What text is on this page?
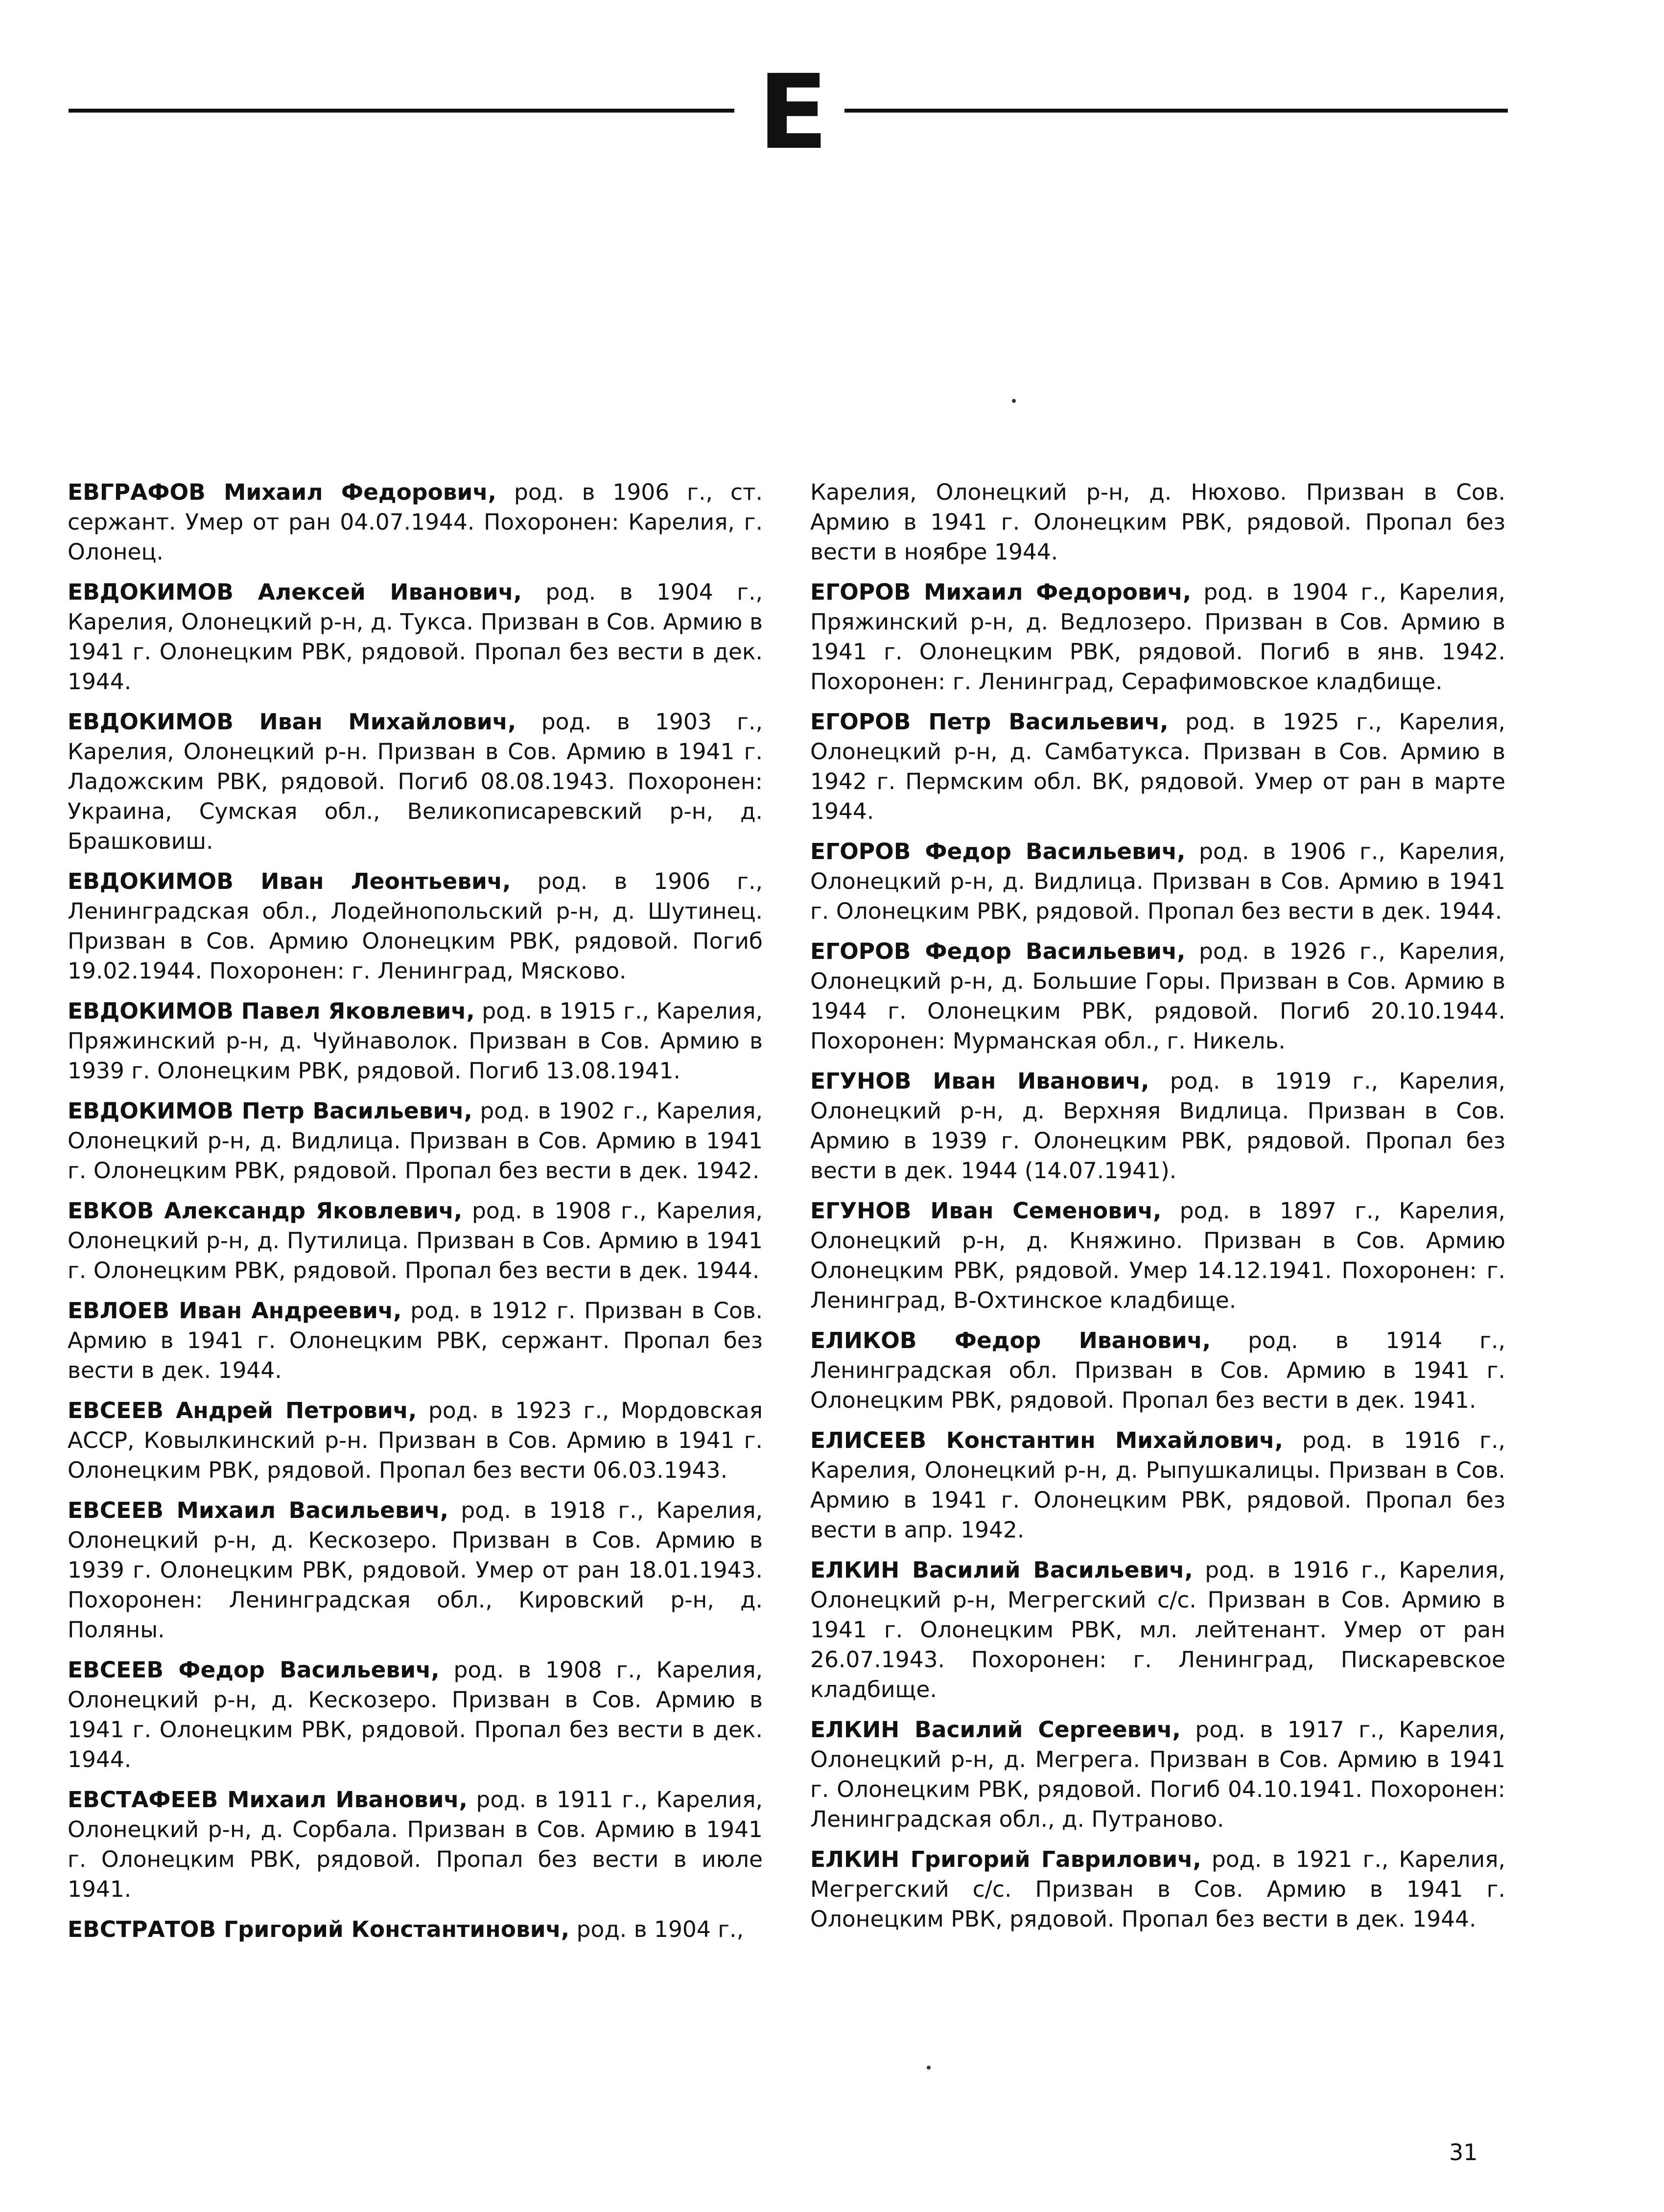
Е

ЕВГРАФОВ Михаил Федорович, род. в 1906 г., ст. сержант. Умер от ран 04.07.1944. Похоронен: Карелия, г. Олонец.

ЕВДОКИМОВ Алексей Иванович, род. в 1904 г., Карелия, Олонецкий р-н, д. Тукса. Призван в Сов. Армию в 1941 г. Олонецким РВК, рядовой. Пропал без вести в дек. 1944.

ЕВДОКИМОВ Иван Михайлович, род. в 1903 г., Карелия, Олонецкий р-н. Призван в Сов. Армию в 1941 г. Ладожским РВК, рядовой. Погиб 08.08.1943. Похоронен: Украина, Сумская обл., Великописаревский р-н, д. Брашковиш.

ЕВДОКИМОВ Иван Леонтьевич, род. в 1906 г., Ленинградская обл., Лодейнопольский р-н, д. Шутинец. Призван в Сов. Армию Олонецким РВК, рядовой. Погиб 19.02.1944. Похоронен: г. Ленинград, Мясково.

ЕВДОКИМОВ Павел Яковлевич, род. в 1915 г., Карелия, Пряжинский р-н, д. Чуйнаволок. Призван в Сов. Армию в 1939 г. Олонецким РВК, рядовой. Погиб 13.08.1941.

ЕВДОКИМОВ Петр Васильевич, род. в 1902 г., Карелия, Олонецкий р-н, д. Видлица. Призван в Сов. Армию в 1941 г. Олонецким РВК, рядовой. Пропал без вести в дек. 1942.

ЕВКОВ Александр Яковлевич, род. в 1908 г., Карелия, Олонецкий р-н, д. Путилица. Призван в Сов. Армию в 1941 г. Олонецким РВК, рядовой. Пропал без вести в дек. 1944.

ЕВЛОЕВ Иван Андреевич, род. в 1912 г. Призван в Сов. Армию в 1941 г. Олонецким РВК, сержант. Пропал без вести в дек. 1944.

ЕВСЕЕВ Андрей Петрович, род. в 1923 г., Мордовская АССР, Ковылкинский р-н. Призван в Сов. Армию в 1941 г. Олонецким РВК, рядовой. Пропал без вести 06.03.1943.

ЕВСЕЕВ Михаил Васильевич, род. в 1918 г., Карелия, Олонецкий р-н, д. Кескозеро. Призван в Сов. Армию в 1939 г. Олонецким РВК, рядовой. Умер от ран 18.01.1943. Похоронен: Ленинградская обл., Кировский р-н, д. Поляны.

ЕВСЕЕВ Федор Васильевич, род. в 1908 г., Карелия, Олонецкий р-н, д. Кескозеро. Призван в Сов. Армию в 1941 г. Олонецким РВК, рядовой. Пропал без вести в дек. 1944.

ЕВСТАФЕЕВ Михаил Иванович, род. в 1911 г., Карелия, Олонецкий р-н, д. Сорбала. Призван в Сов. Армию в 1941 г. Олонецким РВК, рядовой. Пропал без вести в июле 1941.

ЕВСТРАТОВ Григорий Константинович, род. в 1904 г.,

Карелия, Олонецкий р-н, д. Нюхово. Призван в Сов. Армию в 1941 г. Олонецким РВК, рядовой. Пропал без вести в ноябре 1944.

ЕГОРОВ Михаил Федорович, род. в 1904 г., Карелия, Пряжинский р-н, д. Ведлозеро. Призван в Сов. Армию в 1941 г. Олонецким РВК, рядовой. Погиб в янв. 1942. Похоронен: г. Ленинград, Серафимовское кладбище.

ЕГОРОВ Петр Васильевич, род. в 1925 г., Карелия, Олонецкий р-н, д. Самбатукса. Призван в Сов. Армию в 1942 г. Пермским обл. ВК, рядовой. Умер от ран в марте 1944.

ЕГОРОВ Федор Васильевич, род. в 1906 г., Карелия, Олонецкий р-н, д. Видлица. Призван в Сов. Армию в 1941 г. Олонецким РВК, рядовой. Пропал без вести в дек. 1944.

ЕГОРОВ Федор Васильевич, род. в 1926 г., Карелия, Олонецкий р-н, д. Большие Горы. Призван в Сов. Армию в 1944 г. Олонецким РВК, рядовой. Погиб 20.10.1944. Похоронен: Мурманская обл., г. Никель.

ЕГУНОВ Иван Иванович, род. в 1919 г., Карелия, Олонецкий р-н, д. Верхняя Видлица. Призван в Сов. Армию в 1939 г. Олонецким РВК, рядовой. Пропал без вести в дек. 1944 (14.07.1941).

ЕГУНОВ Иван Семенович, род. в 1897 г., Карелия, Олонецкий р-н, д. Княжино. Призван в Сов. Армию Олонецким РВК, рядовой. Умер 14.12.1941. Похоронен: г. Ленинград, В-Охтинское кладбище.

ЕЛИКОВ Федор Иванович, род. в 1914 г., Ленинградская обл. Призван в Сов. Армию в 1941 г. Олонецким РВК, рядовой. Пропал без вести в дек. 1941.

ЕЛИСЕЕВ Константин Михайлович, род. в 1916 г., Карелия, Олонецкий р-н, д. Рыпушкалицы. Призван в Сов. Армию в 1941 г. Олонецким РВК, рядовой. Пропал без вести в апр. 1942.

ЕЛКИН Василий Васильевич, род. в 1916 г., Карелия, Олонецкий р-н, Мегрегский с/с. Призван в Сов. Армию в 1941 г. Олонецким РВК, мл. лейтенант. Умер от ран 26.07.1943. Похоронен: г. Ленинград, Пискаревское кладбище.

ЕЛКИН Василий Сергеевич, род. в 1917 г., Карелия, Олонецкий р-н, д. Мегрега. Призван в Сов. Армию в 1941 г. Олонецким РВК, рядовой. Погиб 04.10.1941. Похоронен: Ленинградская обл., д. Путраново.

ЕЛКИН Григорий Гаврилович, род. в 1921 г., Карелия, Мегрегский с/с. Призван в Сов. Армию в 1941 г. Олонецким РВК, рядовой. Пропал без вести в дек. 1944.

31
